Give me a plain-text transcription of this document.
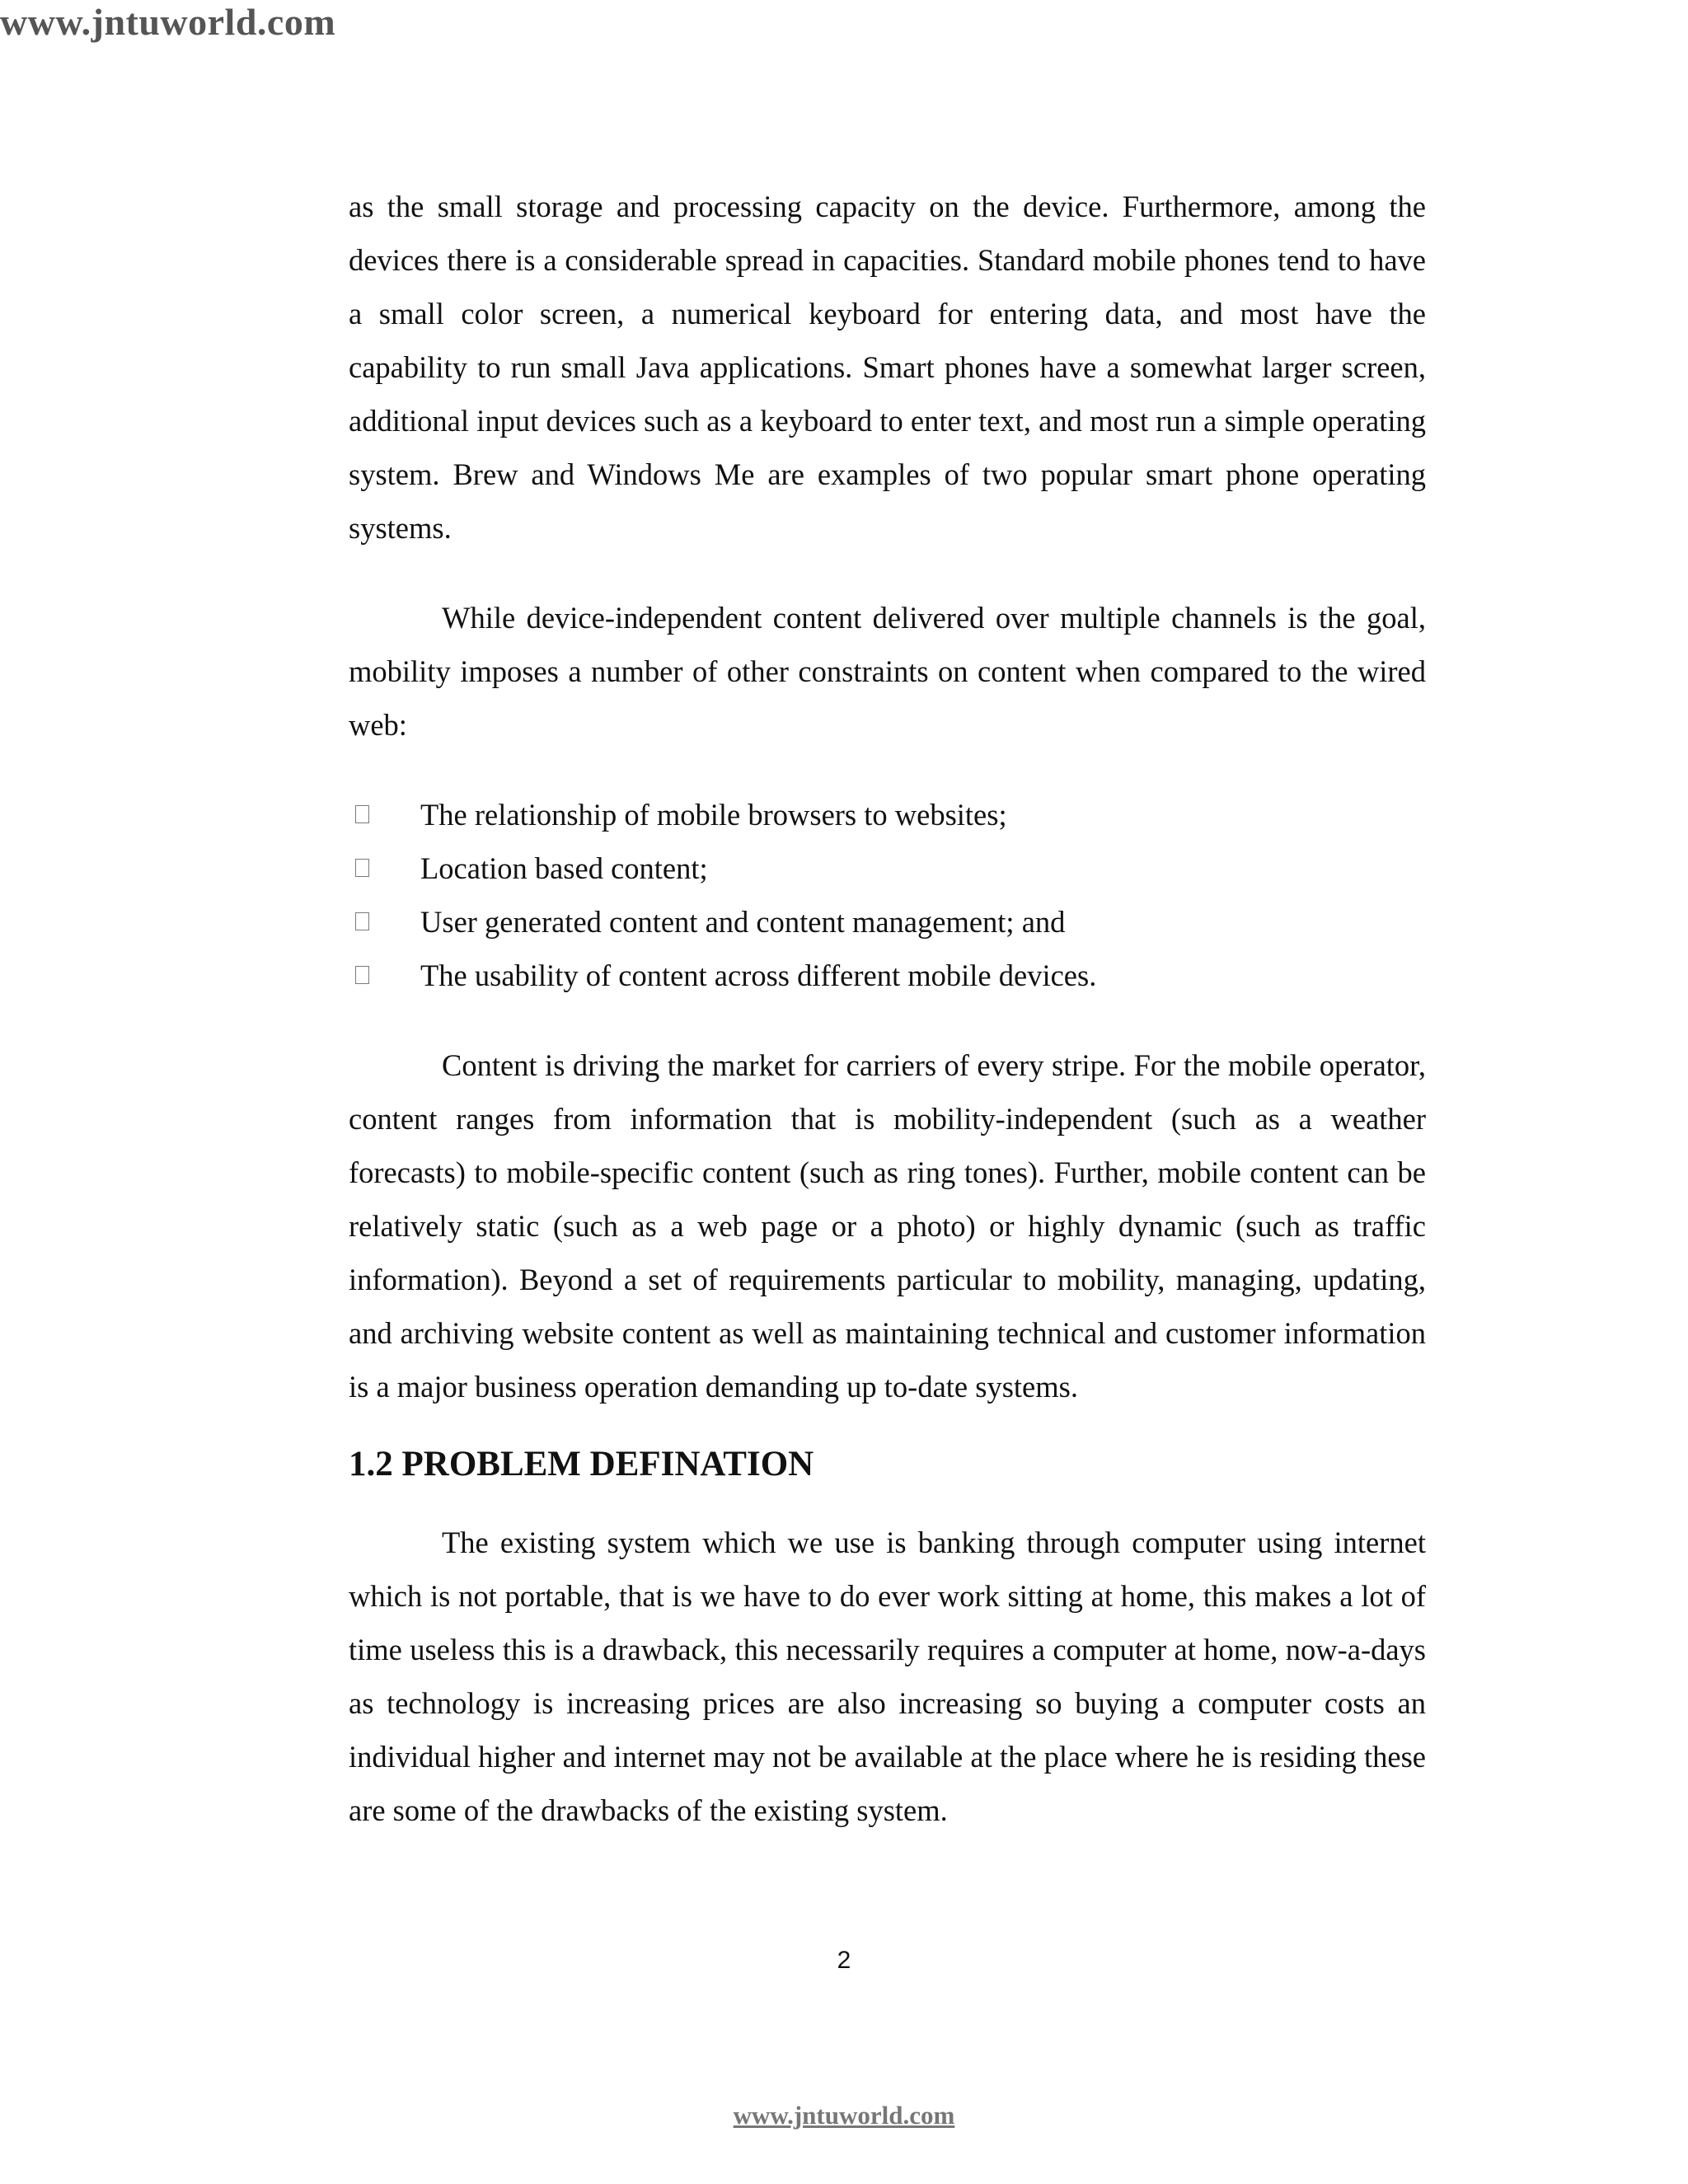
www.jntuworld.com

as the small storage and processing capacity on the device. Furthermore, among the devices there is a considerable spread in capacities. Standard mobile phones tend to have a small color screen, a numerical keyboard for entering data, and most have the capability to run small Java applications. Smart phones have a somewhat larger screen, additional input devices such as a keyboard to enter text, and most run a simple operating system. Brew and Windows Me are examples of two popular smart phone operating systems.

While device-independent content delivered over multiple channels is the goal, mobility imposes a number of other constraints on content when compared to the wired web:

The relationship of mobile browsers to websites;
Location based content;
User generated content and content management; and
The usability of content across different mobile devices.

Content is driving the market for carriers of every stripe. For the mobile operator, content ranges from information that is mobility-independent (such as a weather forecasts) to mobile-specific content (such as ring tones). Further, mobile content can be relatively static (such as a web page or a photo) or highly dynamic (such as traffic information). Beyond a set of requirements particular to mobility, managing, updating, and archiving website content as well as maintaining technical and customer information is a major business operation demanding up to-date systems.

1.2 PROBLEM DEFINATION

The existing system which we use is banking through computer using internet which is not portable, that is we have to do ever work sitting at home, this makes a lot of time useless this is a drawback, this necessarily requires a computer at home, now-a-days as technology is increasing prices are also increasing so buying a computer costs an individual higher and internet may not be available at the place where he is residing these are some of the drawbacks of the existing system.

2
www.jntuworld.com
